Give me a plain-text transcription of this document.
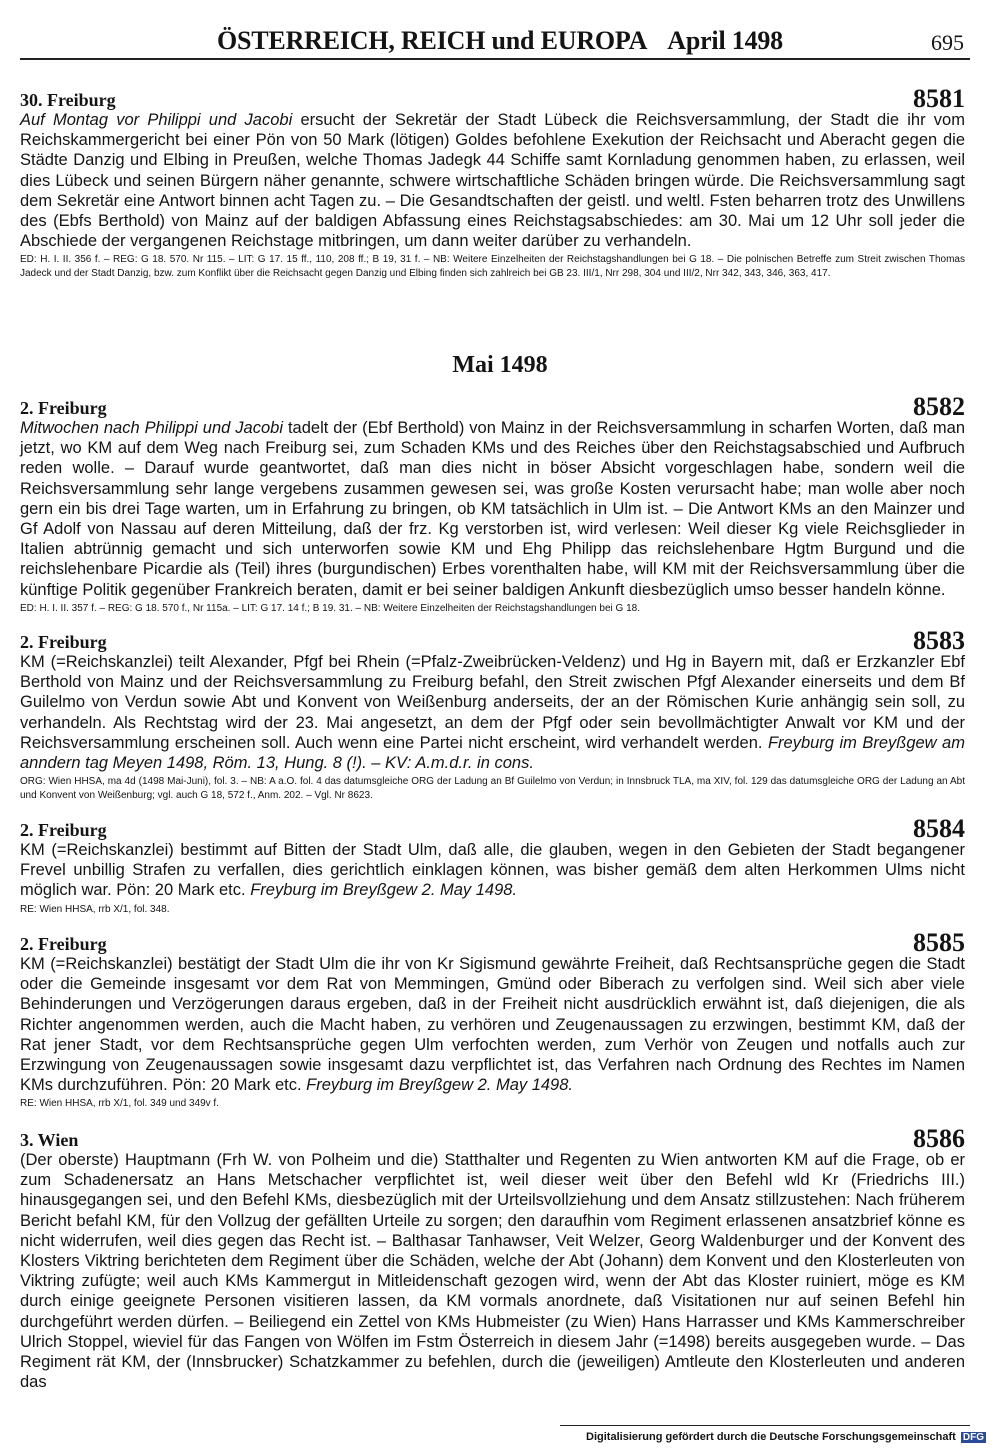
ÖSTERREICH, REICH und EUROPA April 1498	695
30. Freiburg	8581

Auf Montag vor Philippi und Jacobi ersucht der Sekretär der Stadt Lübeck die Reichsversammlung, der Stadt die ihr vom Reichskammergericht bei einer Pön von 50 Mark (lötigen) Goldes befohlene Exekution der Reichsacht und Aberacht gegen die Städte Danzig und Elbing in Preußen, welche Thomas Jadegk 44 Schiffe samt Kornladung genommen haben, zu erlassen, weil dies Lübeck und seinen Bürgern näher genannte, schwere wirtschaftliche Schäden bringen würde. Die Reichsversammlung sagt dem Sekretär eine Antwort binnen acht Tagen zu. – Die Gesandtschaften der geistl. und weltl. Fsten beharren trotz des Unwillens des (Ebfs Berthold) von Mainz auf der baldigen Abfassung eines Reichstagsabschiedes: am 30. Mai um 12 Uhr soll jeder die Abschiede der vergangenen Reichstage mitbringen, um dann weiter darüber zu verhandeln.

ED: H. I. II. 356 f. – REG: G 18. 570. Nr 115. – LIT: G 17. 15 ff., 110, 208 ff.; B 19, 31 f. – NB: Weitere Einzelheiten der Reichstagshandlungen bei G 18. – Die polnischen Betreffe zum Streit zwischen Thomas Jadeck und der Stadt Danzig, bzw. zum Konflikt über die Reichsacht gegen Danzig und Elbing finden sich zahlreich bei GB 23. III/1, Nrr 298, 304 und III/2, Nrr 342, 343, 346, 363, 417.
Mai 1498
2. Freiburg	8582

Mitwochen nach Philippi und Jacobi tadelt der (Ebf Berthold) von Mainz in der Reichsversammlung in scharfen Worten, daß man jetzt, wo KM auf dem Weg nach Freiburg sei, zum Schaden KMs und des Reiches über den Reichstagsabschied und Aufbruch reden wolle. – Darauf wurde geantwortet, daß man dies nicht in böser Absicht vorgeschlagen habe, sondern weil die Reichsversammlung sehr lange vergebens zusammen gewesen sei, was große Kosten verursacht habe; man wolle aber noch gern ein bis drei Tage warten, um in Erfahrung zu bringen, ob KM tatsächlich in Ulm ist. – Die Antwort KMs an den Mainzer und Gf Adolf von Nassau auf deren Mitteilung, daß der frz. Kg verstorben ist, wird verlesen: Weil dieser Kg viele Reichsglieder in Italien abtrünnig gemacht und sich unterworfen sowie KM und Ehg Philipp das reichslehenbare Hgtm Burgund und die reichslehenbare Picardie als (Teil) ihres (burgundischen) Erbes vorenthalten habe, will KM mit der Reichsversammlung über die künftige Politik gegenüber Frankreich beraten, damit er bei seiner baldigen Ankunft diesbezüglich umso besser handeln könne.

ED: H. I. II. 357 f. – REG: G 18. 570 f., Nr 115a. – LIT: G 17. 14 f.; B 19. 31. – NB: Weitere Einzelheiten der Reichstagshandlungen bei G 18.
2. Freiburg	8583

KM (=Reichskanzlei) teilt Alexander, Pfgf bei Rhein (=Pfalz-Zweibrücken-Veldenz) und Hg in Bayern mit, daß er Erzkanzler Ebf Berthold von Mainz und der Reichsversammlung zu Freiburg befahl, den Streit zwischen Pfgf Alexander einerseits und dem Bf Guilelmo von Verdun sowie Abt und Konvent von Weißenburg anderseits, der an der Römischen Kurie anhängig sein soll, zu verhandeln. Als Rechtstag wird der 23. Mai angesetzt, an dem der Pfgf oder sein bevollmächtigter Anwalt vor KM und der Reichsversammlung erscheinen soll. Auch wenn eine Partei nicht erscheint, wird verhandelt werden. Freyburg im Breyßgew am anndern tag Meyen 1498, Röm. 13, Hung. 8 (!). – KV: A.m.d.r. in cons.

ORG: Wien HHSA, ma 4d (1498 Mai-Juni), fol. 3. – NB: A a.O. fol. 4 das datumsgleiche ORG der Ladung an Bf Guilelmo von Verdun; in Innsbruck TLA, ma XIV, fol. 129 das datumsgleiche ORG der Ladung an Abt und Konvent von Weißenburg; vgl. auch G 18, 572 f., Anm. 202. – Vgl. Nr 8623.
2. Freiburg	8584

KM (=Reichskanzlei) bestimmt auf Bitten der Stadt Ulm, daß alle, die glauben, wegen in den Gebieten der Stadt begangener Frevel unbillig Strafen zu verfallen, dies gerichtlich einklagen können, was bisher gemäß dem alten Herkommen Ulms nicht möglich war. Pön: 20 Mark etc. Freyburg im Breyßgew 2. May 1498.

RE: Wien HHSA, rrb X/1, fol. 348.
2. Freiburg	8585

KM (=Reichskanzlei) bestätigt der Stadt Ulm die ihr von Kr Sigismund gewährte Freiheit, daß Rechtsansprüche gegen die Stadt oder die Gemeinde insgesamt vor dem Rat von Memmingen, Gmünd oder Biberach zu verfolgen sind. Weil sich aber viele Behinderungen und Verzögerungen daraus ergeben, daß in der Freiheit nicht ausdrücklich erwähnt ist, daß diejenigen, die als Richter angenommen werden, auch die Macht haben, zu verhören und Zeugenaussagen zu erzwingen, bestimmt KM, daß der Rat jener Stadt, vor dem Rechtsansprüche gegen Ulm verfochten werden, zum Verhör von Zeugen und notfalls auch zur Erzwingung von Zeugenaussagen sowie insgesamt dazu verpflichtet ist, das Verfahren nach Ordnung des Rechtes im Namen KMs durchzuführen. Pön: 20 Mark etc. Freyburg im Breyßgew 2. May 1498.

RE: Wien HHSA, rrb X/1, fol. 349 und 349v f.
3. Wien	8586

(Der oberste) Hauptmann (Frh W. von Polheim und die) Statthalter und Regenten zu Wien antworten KM auf die Frage, ob er zum Schadenersatz an Hans Metschacher verpflichtet ist, weil dieser weit über den Befehl wld Kr (Friedrichs III.) hinausgegangen sei, und den Befehl KMs, diesbezüglich mit der Urteilsvollziehung und dem Ansatz stillzustehen: Nach früherem Bericht befahl KM, für den Vollzug der gefällten Urteile zu sorgen; den daraufhin vom Regiment erlassenen ansatzbrief könne es nicht widerrufen, weil dies gegen das Recht ist. – Balthasar Tanhawser, Veit Welzer, Georg Waldenburger und der Konvent des Klosters Viktring berichteten dem Regiment über die Schäden, welche der Abt (Johann) dem Konvent und den Klosterleuten von Viktring zufügte; weil auch KMs Kammergut in Mitleidenschaft gezogen wird, wenn der Abt das Kloster ruiniert, möge es KM durch einige geeignete Personen visitieren lassen, da KM vormals anordnete, daß Visitationen nur auf seinen Befehl hin durchgeführt werden dürfen. – Beiliegend ein Zettel von KMs Hubmeister (zu Wien) Hans Harrasser und KMs Kammerschreiber Ulrich Stoppel, wieviel für das Fangen von Wölfen im Fstm Österreich in diesem Jahr (=1498) bereits ausgegeben wurde. – Das Regiment rät KM, der (Innsbrucker) Schatzkammer zu befehlen, durch die (jeweiligen) Amtleute den Klosterleuten und anderen das

Digitalisierung gefördert durch die Deutsche Forschungsgemeinschaft DFG
